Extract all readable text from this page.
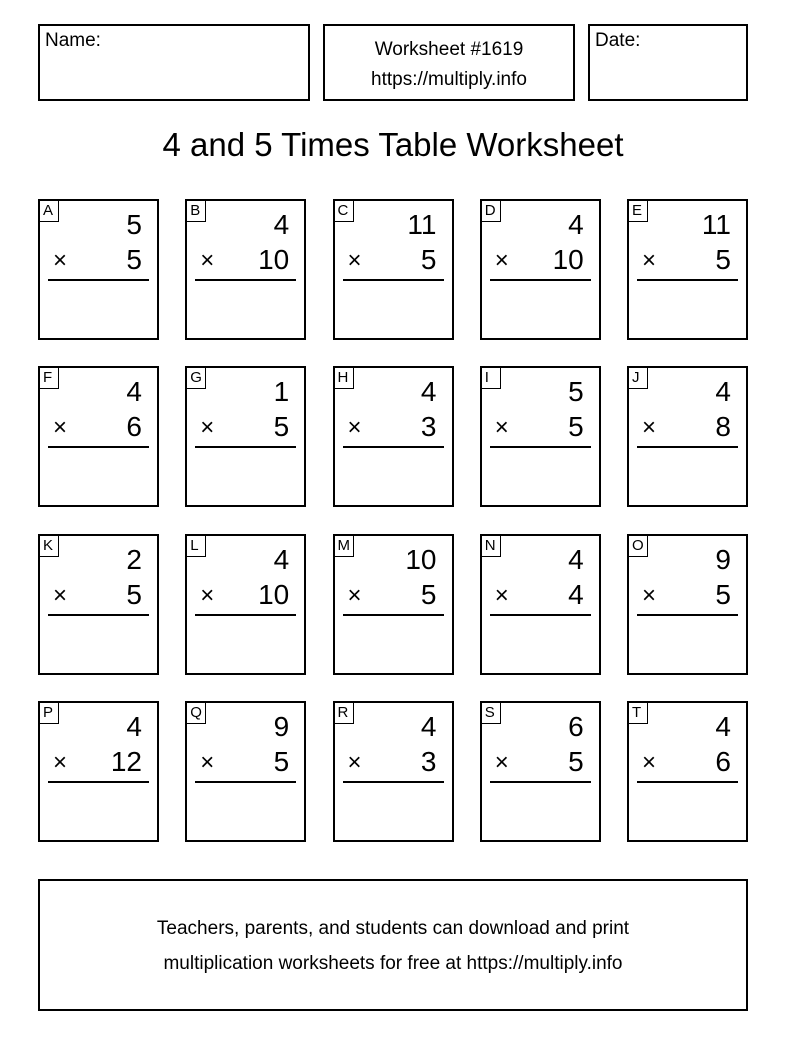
Name:	Worksheet #1619
https://multiply.info
Date:
4 and 5 Times Table Worksheet
A	5
× 5
B	4
× 10
C 11
× 5
D	4
× 10
E 11
× 5
F	4
× 6
G	1
× 5
H	4
× 3
I	5
× 5
J	4
× 8
K	2
× 5
L	4
× 10
M 10
× 5
N	4
× 4
O	9
× 5
P	4
× 12
Q	9
× 5
R	4
× 3
S	6
× 5
T	4
× 6
Teachers, parents, and students can download and print
multiplication worksheets for free at https://multiply.info
